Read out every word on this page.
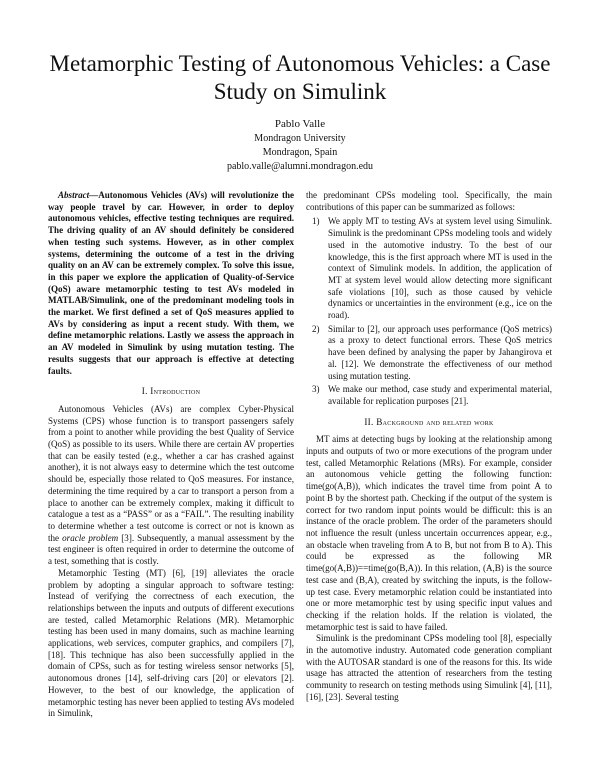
Metamorphic Testing of Autonomous Vehicles: a Case Study on Simulink
Pablo Valle
Mondragon University
Mondragon, Spain
pablo.valle@alumni.mondragon.edu

Abstract—Autonomous Vehicles (AVs) will revolutionize the way people travel by car. However, in order to deploy autonomous vehicles, effective testing techniques are required. The driving quality of an AV should definitely be considered when testing such systems. However, as in other complex systems, determining the outcome of a test in the driving quality on an AV can be extremely complex. To solve this issue, in this paper we explore the application of Quality-of-Service (QoS) aware metamorphic testing to test AVs modeled in MATLAB/Simulink, one of the predominant modeling tools in the market. We first defined a set of QoS measures applied to AVs by considering as input a recent study. With them, we define metamorphic relations. Lastly we assess the approach in an AV modeled in Simulink by using mutation testing. The results suggests that our approach is effective at detecting faults.

I. Introduction

Autonomous Vehicles (AVs) are complex Cyber-Physical Systems (CPS) whose function is to transport passengers safely from a point to another while providing the best Quality of Service (QoS) as possible to its users. While there are certain AV properties that can be easily tested (e.g., whether a car has crashed against another), it is not always easy to determine which the test outcome should be, especially those related to QoS measures. For instance, determining the time required by a car to transport a person from a place to another can be extremely complex, making it difficult to catalogue a test as a “PASS” or as a “FAIL”. The resulting inability to determine whether a test outcome is correct or not is known as the oracle problem [3]. Subsequently, a manual assessment by the test engineer is often required in order to determine the outcome of a test, something that is costly.

Metamorphic Testing (MT) [6], [19] alleviates the oracle problem by adopting a singular approach to software testing: Instead of verifying the correctness of each execution, the relationships between the inputs and outputs of different executions are tested, called Metamorphic Relations (MR). Metamorphic testing has been used in many domains, such as machine learning applications, web services, computer graphics, and compilers [7], [18]. This technique has also been successfully applied in the domain of CPSs, such as for testing wireless sensor networks [5], autonomous drones [14], self-driving cars [20] or elevators [2]. However, to the best of our knowledge, the application of metamorphic testing has never been applied to testing AVs modeled in Simulink,

the predominant CPSs modeling tool. Specifically, the main contributions of this paper can be summarized as follows:

1) We apply MT to testing AVs at system level using Simulink. Simulink is the predominant CPSs modeling tools and widely used in the automotive industry. To the best of our knowledge, this is the first approach where MT is used in the context of Simulink models. In addition, the application of MT at system level would allow detecting more significant safe violations [10], such as those caused by vehicle dynamics or uncertainties in the environment (e.g., ice on the road).
2) Similar to [2], our approach uses performance (QoS metrics) as a proxy to detect functional errors. These QoS metrics have been defined by analysing the paper by Jahangirova et al. [12]. We demonstrate the effectiveness of our method using mutation testing.
3) We make our method, case study and experimental material, available for replication purposes [21].
II. Background and related work

MT aims at detecting bugs by looking at the relationship among inputs and outputs of two or more executions of the program under test, called Metamorphic Relations (MRs). For example, consider an autonomous vehicle getting the following function: time(go(A,B)), which indicates the travel time from point A to point B by the shortest path. Checking if the output of the system is correct for two random input points would be difficult: this is an instance of the oracle problem. The order of the parameters should not influence the result (unless uncertain occurrences appear, e.g., an obstacle when traveling from A to B, but not from B to A). This could be expressed as the following MR time(go(A,B))==time(go(B,A)). In this relation, (A,B) is the source test case and (B,A), created by switching the inputs, is the follow-up test case. Every metamorphic relation could be instantiated into one or more metamorphic test by using specific input values and checking if the relation holds. If the relation is violated, the metamorphic test is said to have failed.

Simulink is the predominant CPSs modeling tool [8], especially in the automotive industry. Automated code generation compliant with the AUTOSAR standard is one of the reasons for this. Its wide usage has attracted the attention of researchers from the testing community to research on testing methods using Simulink [4], [11], [16], [23]. Several testing
